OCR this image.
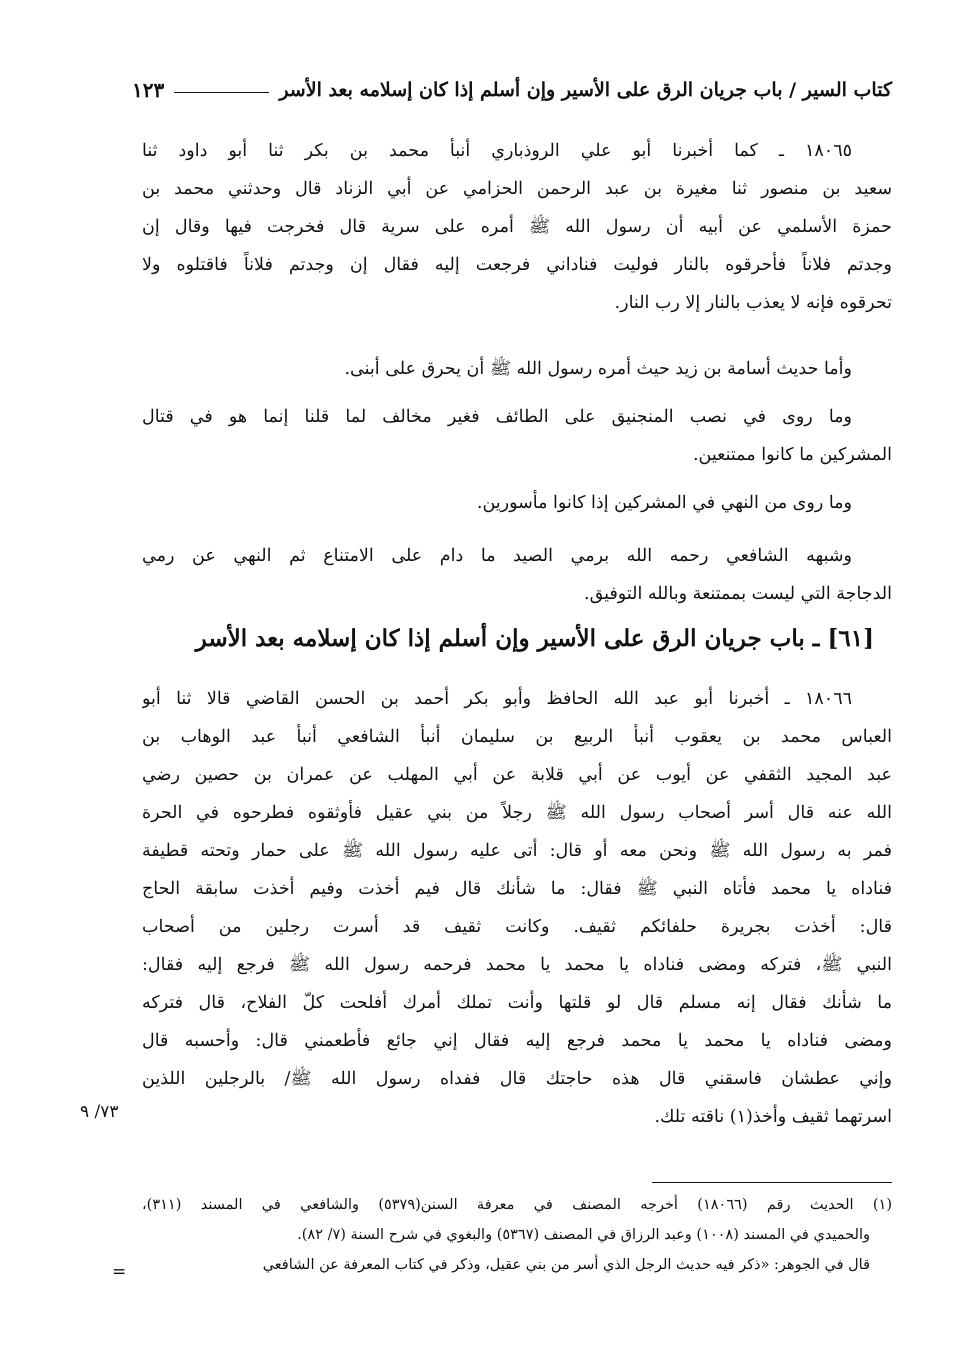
كتاب السير / باب جريان الرق على الأسير وإن أسلم إذا كان إسلامه بعد الأسر
١٢٣
١٨٠٦٥ ـ كما أخبرنا أبو علي الروذباري أنبأ محمد بن بكر ثنا أبو داود ثنا
سعيد بن منصور ثنا مغيرة بن عبد الرحمن الحزامي عن أبي الزناد قال وحدثني محمد بن
حمزة الأسلمي عن أبيه أن رسول الله ﷺ أمره على سرية قال فخرجت فيها وقال إن
وجدتم فلاناً فأحرقوه بالنار فوليت فناداني فرجعت إليه فقال إن وجدتم فلاناً فاقتلوه ولا
تحرقوه فإنه لا يعذب بالنار إلا رب النار.
وأما حديث أسامة بن زيد حيث أمره رسول الله ﷺ أن يحرق على أبنى.
وما روى في نصب المنجنيق على الطائف فغير مخالف لما قلنا إنما هو في قتال
المشركين ما كانوا ممتنعين.
وما روى من النهي في المشركين إذا كانوا مأسورين.
وشبهه الشافعي رحمه الله برمي الصيد ما دام على الامتناع ثم النهي عن رمي
الدجاجة التي ليست بممتنعة وبالله التوفيق.
[٦١] ـ باب جريان الرق على الأسير وإن أسلم إذا كان إسلامه بعد الأسر
١٨٠٦٦ ـ أخبرنا أبو عبد الله الحافظ وأبو بكر أحمد بن الحسن القاضي قالا ثنا أبو
العباس محمد بن يعقوب أنبأ الربيع بن سليمان أنبأ الشافعي أنبأ عبد الوهاب بن
عبد المجيد الثقفي عن أيوب عن أبي قلابة عن أبي المهلب عن عمران بن حصين رضي
الله عنه قال أسر أصحاب رسول الله ﷺ رجلاً من بني عقيل فأوثقوه فطرحوه في الحرة
فمر به رسول الله ﷺ ونحن معه أو قال: أتى عليه رسول الله ﷺ على حمار وتحته قطيفة
فناداه يا محمد فأتاه النبي ﷺ فقال: ما شأنك قال فيم أخذت وفيم أخذت سابقة الحاج
قال: أخذت بجريرة حلفائكم ثقيف. وكانت ثقيف قد أسرت رجلين من أصحاب
النبي ﷺ، فتركه ومضى فناداه يا محمد يا محمد فرحمه رسول الله ﷺ فرجع إليه فقال:
ما شأنك فقال إنه مسلم قال لو قلتها وأنت تملك أمرك أفلحت كلّ الفلاح، قال فتركه
ومضى فناداه يا محمد يا محمد فرجع إليه فقال إني جائع فأطعمني قال: وأحسبه قال
وإني عطشان فاسقني قال هذه حاجتك قال ففداه رسول الله ﷺ/ بالرجلين اللذين
اسرتهما ثقيف وأخذ(١) ناقته تلك.
٧٣/ ٩
(١) الحديث رقم (١٨٠٦٦) أخرجه المصنف في معرفة السنن(٥٣٧٩) والشافعي في المسند (٣١١)،
والحميدي في المسند (١٠٠٨) وعبد الرزاق في المصنف (٥٣٦٧) والبغوي في شرح السنة (٧/ ٨٢).
قال في الجوهر: «ذكر فيه حديث الرجل الذي أسر من بني عقيل، وذكر في كتاب المعرفة عن الشافعي
=
